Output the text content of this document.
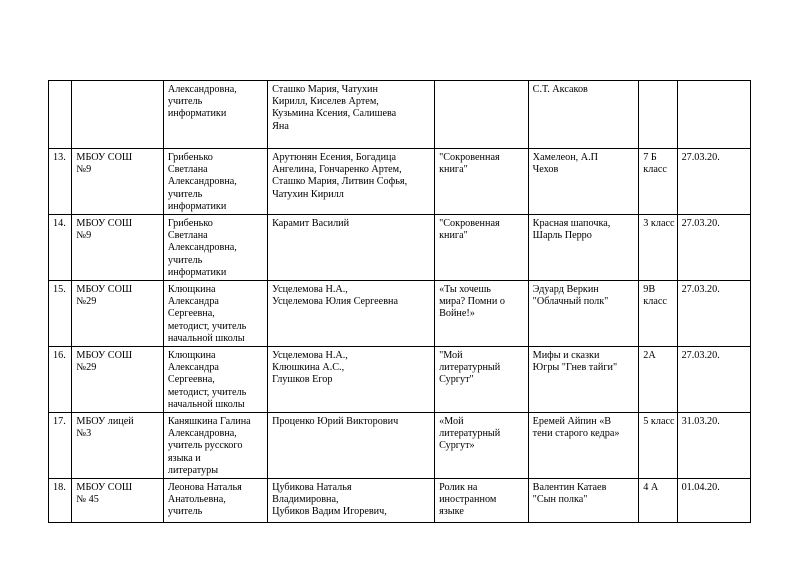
		Александровна,
учитель
информатики	Сташко Мария, Чатухин
Кирилл, Киселев Артем,
Кузьмина Ксения, Салишева
Яна		С.Т. Аксаков		

13.	МБОУ СОШ
№9	Грибенько
Светлана
Александровна,
учитель
информатики	Арутюнян Есения, Богадица
Ангелина, Гончаренко Артем,
Сташко Мария, Литвин Софья,
Чатухин Кирилл	"Сокровенная
книга"	Хамелеон, А.П
Чехов	7 Б
класс	27.03.20.
14.	МБОУ СОШ
№9	Грибенько
Светлана
Александровна,
учитель
информатики	Карамит Василий	"Сокровенная
книга"	Красная шапочка,
Шарль Перро	3 класс	27.03.20.
15.	МБОУ СОШ
№29	Клющкина
Александра
Сергеевна,
методист, учитель
начальной школы	Усцелемова Н.А.,
Усцелемова Юлия Сергеевна	«Ты хочешь
мира? Помни о
Войне!»	Эдуард Веркин
"Облачный полк"	9В
класс	27.03.20.
16.	МБОУ СОШ
№29	Клющкина
Александра
Сергеевна,
методист, учитель
начальной школы	Усцелемова Н.А.,
Клюшкина А.С.,
Глушков Егор	"Мой
литературный
Сургут"	Мифы и сказки
Югры "Гнев тайги"	2А	27.03.20.
17.	МБОУ лицей
№3	Каняшкина Галина
Александровна,
учитель русского
языка и
литературы	Проценко Юрий Викторович	«Мой
литературный
Сургут»	Еремей Айпин «В
тени старого кедра»	5 класс	31.03.20.
18.	МБОУ СОШ
№ 45	Леонова Наталья
Анатольевна,
учитель	Цубикова Наталья
Владимировна,
Цубиков Вадим Игоревич,	Ролик на
иностранном
языке	Валентин Катаев
"Сын полка"	4 А	01.04.20.
